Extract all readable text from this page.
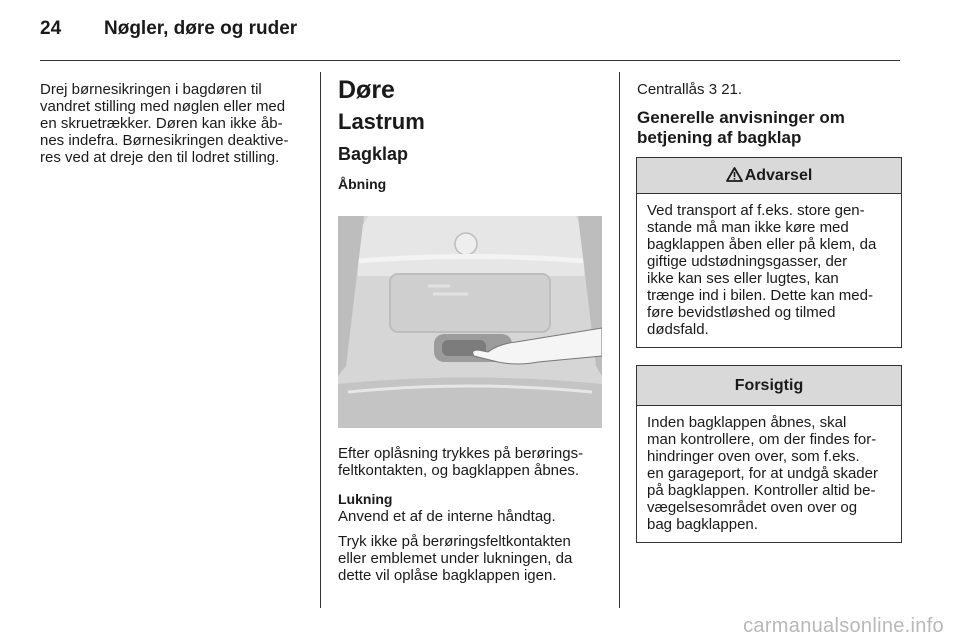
24 Nøgler, døre og ruder

Drej børnesikringen i bagdøren til

vandret stilling med nøglen eller med

en skruetrækker. Døren kan ikke åb-

nes indefra. Børnesikringen deaktive-

res ved at dreje den til lodret stilling.

Døre
Lastrum
Bagklap
Åbning

Efter oplåsning trykkes på berørings-

feltkontakten, og bagklappen åbnes.

Lukning

Anvend et af de interne håndtag.

Tryk ikke på berøringsfeltkontakten

eller emblemet under lukningen, da

dette vil oplåse bagklappen igen.

Centrallås 3 21.

Generelle anvisninger om
betjening af bagklap
Advarsel
Ved transport af f.eks. store gen-
stande må man ikke køre med
bagklappen åben eller på klem, da
giftige udstødningsgasser, der
ikke kan ses eller lugtes, kan
trænge ind i bilen. Dette kan med-
føre bevidstløshed og tilmed
dødsfald.
Forsigtig
Inden bagklappen åbnes, skal
man kontrollere, om der findes for-
hindringer oven over, som f.eks.
en garageport, for at undgå skader
på bagklappen. Kontroller altid be-
vægelsesområdet oven over og
bag bagklappen.
carmanualsonline.info
